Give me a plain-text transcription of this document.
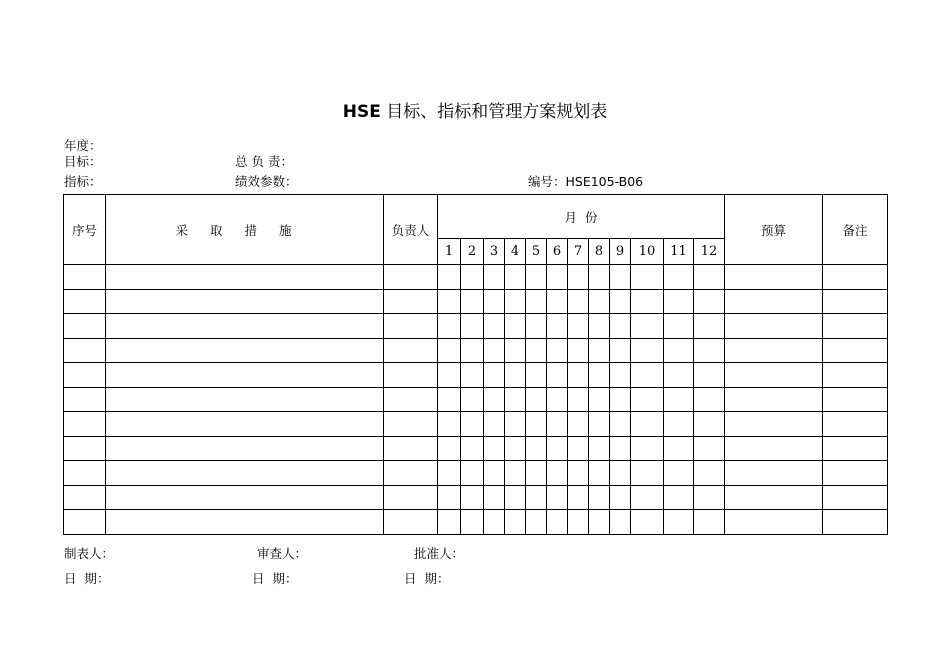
HSE 目标、指标和管理方案规划表
年度：
目标：	总 负 责：
指标：	绩效参数：	编号：HSE105-B06
序号	采取措施	负责人	月  份												预算	备注
			1	2	3	4	5	6	7	8	9	10	11	12		

制表人：	审查人：	批准人：
日  期：	日  期：	日  期：
